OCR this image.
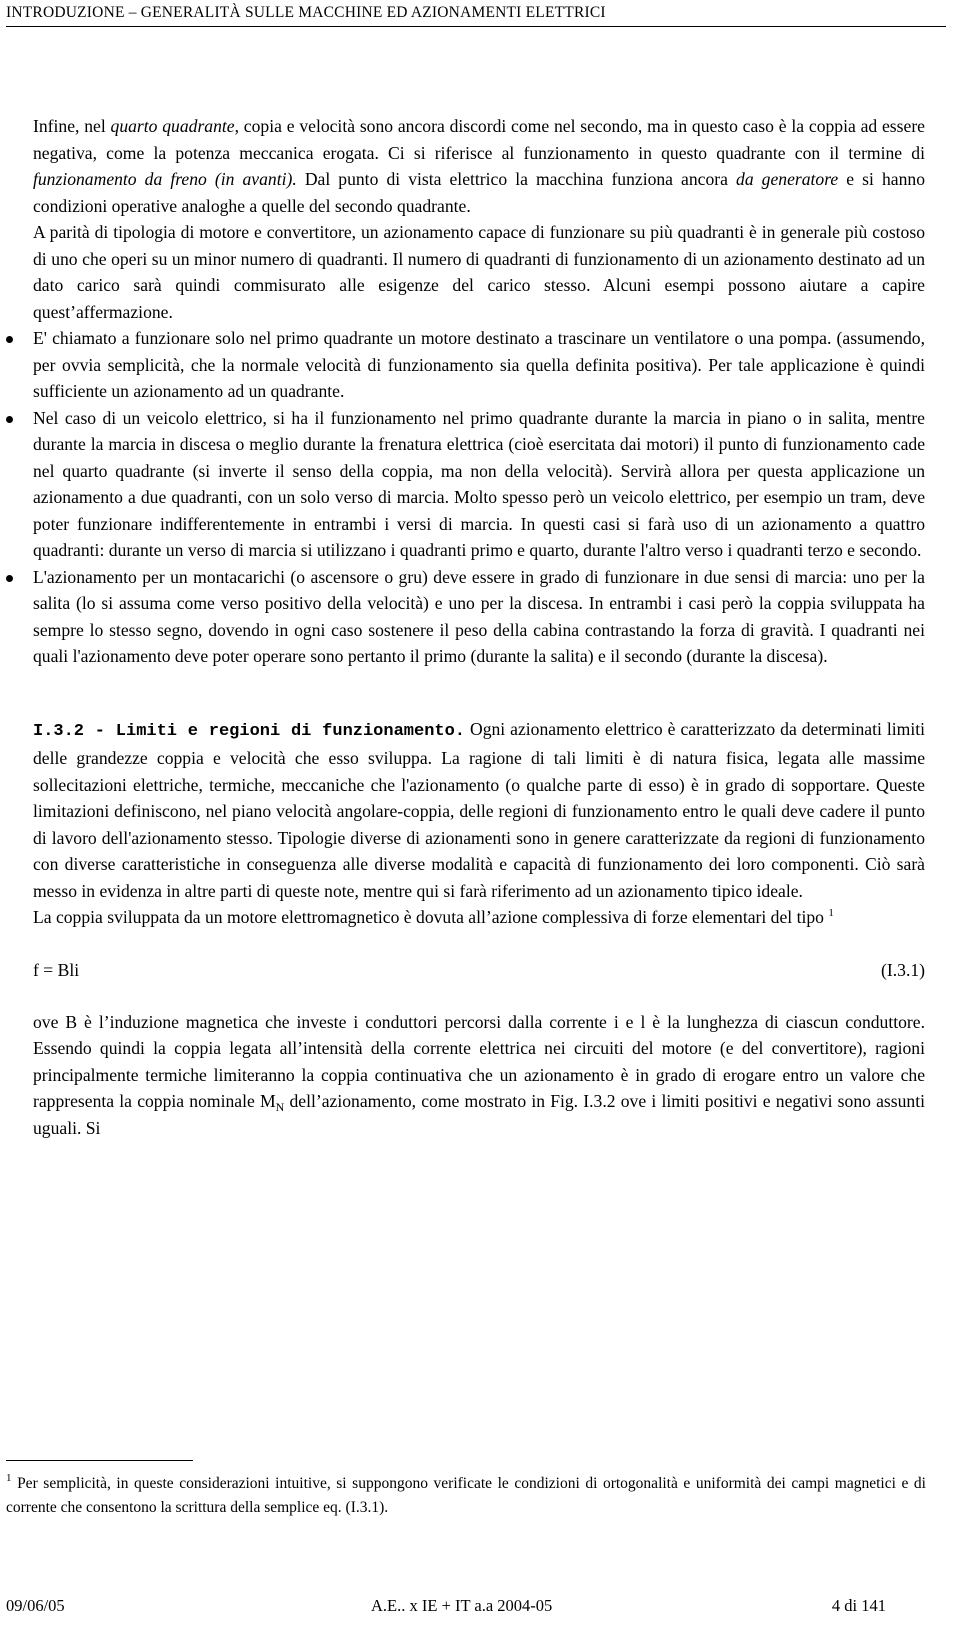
INTRODUZIONE – GENERALITÀ SULLE MACCHINE ED AZIONAMENTI ELETTRICI

Infine, nel quarto quadrante, copia e velocità sono ancora discordi come nel secondo, ma in questo caso è la coppia ad essere negativa, come la potenza meccanica erogata. Ci si riferisce al funzionamento in questo quadrante con il termine di funzionamento da freno (in avanti). Dal punto di vista elettrico la macchina funziona ancora da generatore e si hanno condizioni operative analoghe a quelle del secondo quadrante.

A parità di tipologia di motore e convertitore, un azionamento capace di funzionare su più quadranti è in generale più costoso di uno che operi su un minor numero di quadranti. Il numero di quadranti di funzionamento di un azionamento destinato ad un dato carico sarà quindi commisurato alle esigenze del carico stesso. Alcuni esempi possono aiutare a capire quest’affermazione.

E' chiamato a funzionare solo nel primo quadrante un motore destinato a trascinare un ventilatore o una pompa. (assumendo, per ovvia semplicità, che la normale velocità di funzionamento sia quella definita positiva). Per tale applicazione è quindi sufficiente un azionamento ad un quadrante.
Nel caso di un veicolo elettrico, si ha il funzionamento nel primo quadrante durante la marcia in piano o in salita, mentre durante la marcia in discesa o meglio durante la frenatura elettrica (cioè esercitata dai motori) il punto di funzionamento cade nel quarto quadrante (si inverte il senso della coppia, ma non della velocità). Servirà allora per questa applicazione un azionamento a due quadranti, con un solo verso di marcia. Molto spesso però un veicolo elettrico, per esempio un tram, deve poter funzionare indifferentemente in entrambi i versi di marcia. In questi casi si farà uso di un azionamento a quattro quadranti: durante un verso di marcia si utilizzano i quadranti primo e quarto, durante l'altro verso i quadranti terzo e secondo.
L'azionamento per un montacarichi (o ascensore o gru) deve essere in grado di funzionare in due sensi di marcia: uno per la salita (lo si assuma come verso positivo della velocità) e uno per la discesa. In entrambi i casi però la coppia sviluppata ha sempre lo stesso segno, dovendo in ogni caso sostenere il peso della cabina contrastando la forza di gravità. I quadranti nei quali l'azionamento deve poter operare sono pertanto il primo (durante la salita) e il secondo (durante la discesa).

I.3.2 - Limiti e regioni di funzionamento. Ogni azionamento elettrico è caratterizzato da determinati limiti delle grandezze coppia e velocità che esso sviluppa. La ragione di tali limiti è di natura fisica, legata alle massime sollecitazioni elettriche, termiche, meccaniche che l'azionamento (o qualche parte di esso) è in grado di sopportare. Queste limitazioni definiscono, nel piano velocità angolare-coppia, delle regioni di funzionamento entro le quali deve cadere il punto di lavoro dell'azionamento stesso. Tipologie diverse di azionamenti sono in genere caratterizzate da regioni di funzionamento con diverse caratteristiche in conseguenza alle diverse modalità e capacità di funzionamento dei loro componenti. Ciò sarà messo in evidenza in altre parti di queste note, mentre qui si farà riferimento ad un azionamento tipico ideale.

La coppia sviluppata da un motore elettromagnetico è dovuta all’azione complessiva di forze elementari del tipo $^1$

f = Bli	(I.3.1)

ove B è l’induzione magnetica che investe i conduttori percorsi dalla corrente i e l è la lunghezza di ciascun conduttore. Essendo quindi la coppia legata all’intensità della corrente elettrica nei circuiti del motore (e del convertitore), ragioni principalmente termiche limiteranno la coppia continuativa che un azionamento è in grado di erogare entro un valore che rappresenta la coppia nominale $M_N$ dell’azionamento, come mostrato in Fig. I.3.2 ove i limiti positivi e negativi sono assunti uguali. Si

$^1$ Per semplicità, in queste considerazioni intuitive, si suppongono verificate le condizioni di ortogonalità e uniformità dei campi magnetici e di corrente che consentono la scrittura della semplice eq. (I.3.1).
09/06/05	A.E.. x IE + IT a.a 2004-05	4 di 141
